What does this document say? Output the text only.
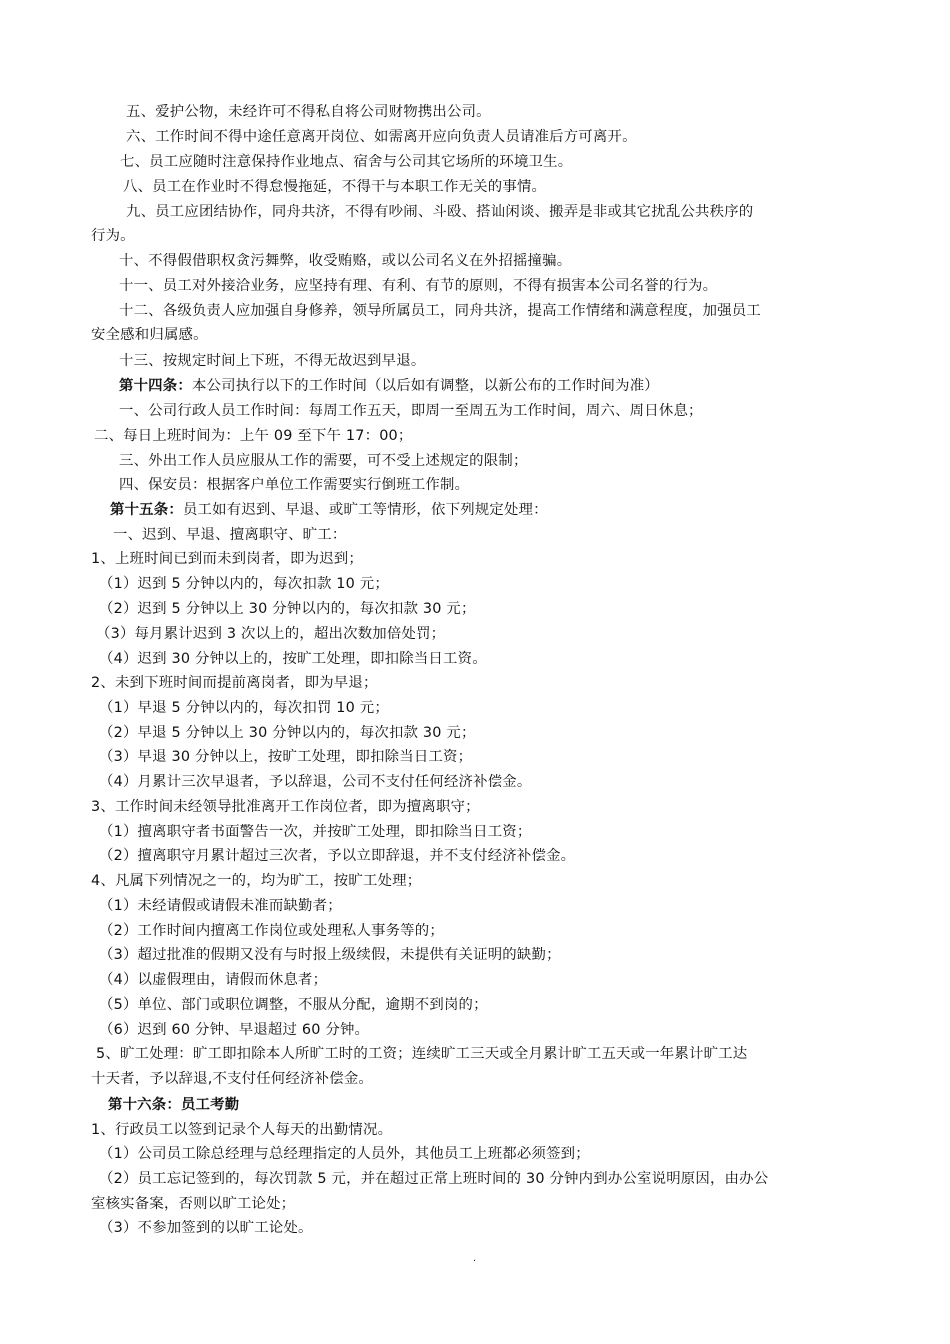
五、爱护公物，未经许可不得私自将公司财物携出公司。
六、工作时间不得中途任意离开岗位、如需离开应向负责人员请准后方可离开。
七、员工应随时注意保持作业地点、宿舍与公司其它场所的环境卫生。
八、员工在作业时不得怠慢拖延，不得干与本职工作无关的事情。
九、员工应团结协作，同舟共济，不得有吵闹、斗殴、搭讪闲谈、搬弄是非或其它扰乱公共秩序的
行为。
十、不得假借职权贪污舞弊，收受贿赂，或以公司名义在外招摇撞骗。
十一、员工对外接洽业务，应坚持有理、有利、有节的原则，不得有损害本公司名誉的行为。
十二、各级负责人应加强自身修养，领导所属员工，同舟共济，提高工作情绪和满意程度，加强员工
安全感和归属感。
十三、按规定时间上下班，不得无故迟到早退。
第十四条：本公司执行以下的工作时间（以后如有调整，以新公布的工作时间为准）
一、公司行政人员工作时间：每周工作五天，即周一至周五为工作时间，周六、周日休息；
二、每日上班时间为：上午 09 至下午 17：00；
三、外出工作人员应服从工作的需要，可不受上述规定的限制；
四、保安员：根据客户单位工作需要实行倒班工作制。
第十五条：员工如有迟到、早退、或旷工等情形，依下列规定处理：
一、迟到、早退、擅离职守、旷工：
1、上班时间已到而未到岗者，即为迟到；
（1）迟到 5 分钟以内的，每次扣款 10 元；
（2）迟到 5 分钟以上 30 分钟以内的，每次扣款 30 元；
（3）每月累计迟到 3 次以上的，超出次数加倍处罚；
（4）迟到 30 分钟以上的，按旷工处理，即扣除当日工资。
2、未到下班时间而提前离岗者，即为早退；
（1）早退 5 分钟以内的，每次扣罚 10 元；
（2）早退 5 分钟以上 30 分钟以内的，每次扣款 30 元；
（3）早退 30 分钟以上，按旷工处理，即扣除当日工资；
（4）月累计三次早退者，予以辞退，公司不支付任何经济补偿金。
3、工作时间未经领导批准离开工作岗位者，即为擅离职守；
（1）擅离职守者书面警告一次，并按旷工处理，即扣除当日工资；
（2）擅离职守月累计超过三次者，予以立即辞退，并不支付经济补偿金。
4、凡属下列情况之一的，均为旷工，按旷工处理；
（1）未经请假或请假未准而缺勤者；
（2）工作时间内擅离工作岗位或处理私人事务等的；
（3）超过批准的假期又没有与时报上级续假，未提供有关证明的缺勤；
（4）以虚假理由，请假而休息者；
（5）单位、部门或职位调整，不服从分配，逾期不到岗的；
（6）迟到 60 分钟、早退超过 60 分钟。
5、旷工处理：旷工即扣除本人所旷工时的工资；连续旷工三天或全月累计旷工五天或一年累计旷工达
十天者，予以辞退,不支付任何经济补偿金。
第十六条：员工考勤
1、行政员工以签到记录个人每天的出勤情况。
（1）公司员工除总经理与总经理指定的人员外，其他员工上班都必须签到；
（2）员工忘记签到的，每次罚款 5 元，并在超过正常上班时间的 30 分钟内到办公室说明原因，由办公
室核实备案，否则以旷工论处；
（3）不参加签到的以旷工论处。
.
